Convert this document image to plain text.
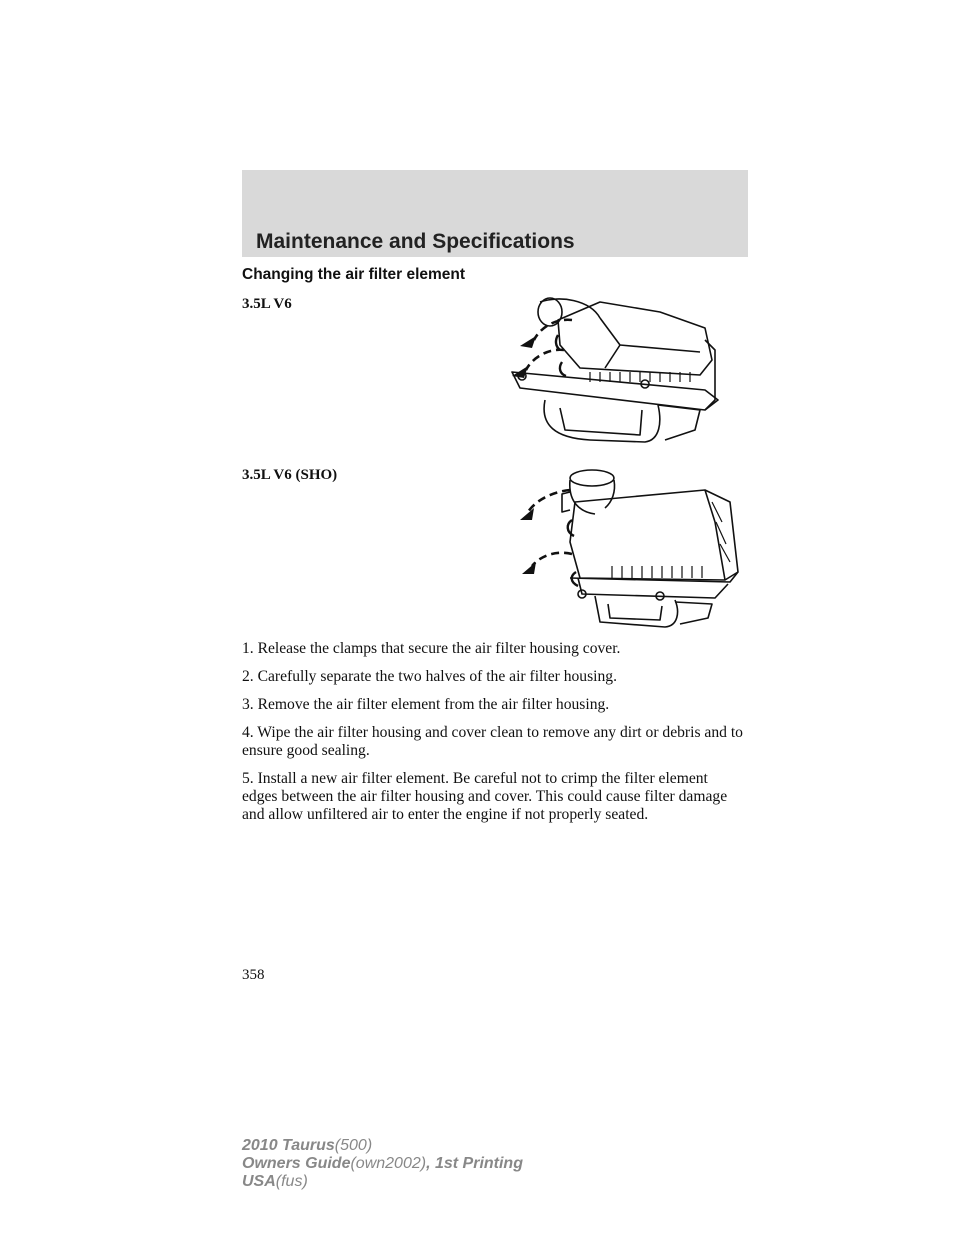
Maintenance and Specifications
Changing the air filter element
3.5L V6
3.5L V6 (SHO)

1. Release the clamps that secure the air filter housing cover.

2. Carefully separate the two halves of the air filter housing.

3. Remove the air filter element from the air filter housing.

4. Wipe the air filter housing and cover clean to remove any dirt or debris and to ensure good sealing.

5. Install a new air filter element. Be careful not to crimp the filter element edges between the air filter housing and cover. This could cause filter damage and allow unfiltered air to enter the engine if not properly seated.

358
2010 Taurus(500)
Owners Guide(own2002), 1st Printing
USA(fus)
